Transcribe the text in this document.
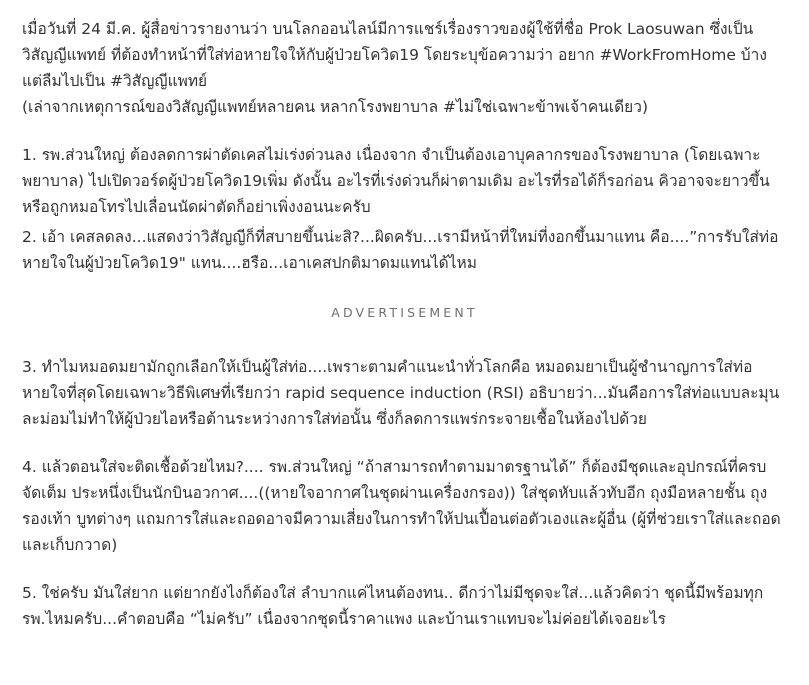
เมื่อวันที่ 24 มี.ค. ผู้สื่อข่าวรายงานว่า บนโลกออนไลน์มีการแชร์เรื่องราวของผู้ใช้ที่ชื่อ Prok Laosuwan ซึ่งเป็นวิสัญญีแพทย์ ที่ต้องทำหน้าที่ใส่ท่อหายใจให้กับผู้ป่วยโควิด19 โดยระบุข้อความว่า อยาก #WorkFromHome บ้าง แต่ลืมไปเป็น #วิสัญญีแพทย์

(เล่าจากเหตุการณ์ของวิสัญญีแพทย์หลายคน หลากโรงพยาบาล #ไม่ใช่เฉพาะข้าพเจ้าคนเดียว)

1. รพ.ส่วนใหญ่ ต้องลดการผ่าตัดเคสไม่เร่งด่วนลง เนื่องจาก จำเป็นต้องเอาบุคลากรของโรงพยาบาล (โดยเฉพาะพยาบาล) ไปเปิดวอร์ดผู้ป่วยโควิด19เพิ่ม ดังนั้น อะไรที่เร่งด่วนก็ผ่าตามเดิม อะไรที่รอได้ก็รอก่อน คิวอาจจะยาวขึ้น หรือถูกหมอโทรไปเลื่อนนัดผ่าตัดก็อย่าเพิ่งงอนนะครับ

2. เอ้า เคสลดลง...แสดงว่าวิสัญญีก็ที่สบายขึ้นน่ะสิ?...ผิดครับ...เรามีหน้าที่ใหม่ที่งอกขึ้นมาแทน คือ....”การรับใส่ท่อหายใจในผู้ป่วยโควิด19" แทน....ฮรือ...เอาเคสปกติมาดมแทนได้ไหม

ADVERTISEMENT

3. ทำไมหมอดมยามักถูกเลือกให้เป็นผู้ใส่ท่อ....เพราะตามคำแนะนำทั่วโลกคือ หมอดมยาเป็นผู้ชำนาญการใส่ท่อหายใจที่สุดโดยเฉพาะวิธีพิเศษที่เรียกว่า rapid sequence induction (RSI) อธิบายว่า...มันคือการใส่ท่อแบบละมุนละม่อมไม่ทำให้ผู้ป่วยไอหรือต้านระหว่างการใส่ท่อนั้น ซึ่งก็ลดการแพร่กระจายเชื้อในห้องไปด้วย

4. แล้วตอนใส่จะติดเชื้อด้วยไหม?.... รพ.ส่วนใหญ่ “ถ้าสามารถทำตามมาตรฐานได้” ก็ต้องมีชุดและอุปกรณ์ที่ครบ จัดเต็ม ประหนึ่งเป็นนักบินอวกาศ....((หายใจอากาศในชุดผ่านเครื่องกรอง)) ใส่ชุดหับแล้วทับอีก ถุงมือหลายชั้น ถุงรองเท้า บูทต่างๆ แถมการใส่และถอดอาจมีความเสี่ยงในการทำให้ปนเปื้อนต่อตัวเองและผู้อื่น (ผู้ที่ช่วยเราใส่และถอดและเก็บกวาด)

5. ใช่ครับ มันใส่ยาก แต่ยากยังไงก็ต้องใส่ ลำบากแค่ไหนต้องทน.. ดีกว่าไม่มีชุดจะใส่...แล้วคิดว่า ชุดนี้มีพร้อมทุกรพ.ไหมครับ...คำตอบคือ “ไม่ครับ” เนื่องจากชุดนี้ราคาแพง และบ้านเราแทบจะไม่ค่อยได้เจอยะไร
